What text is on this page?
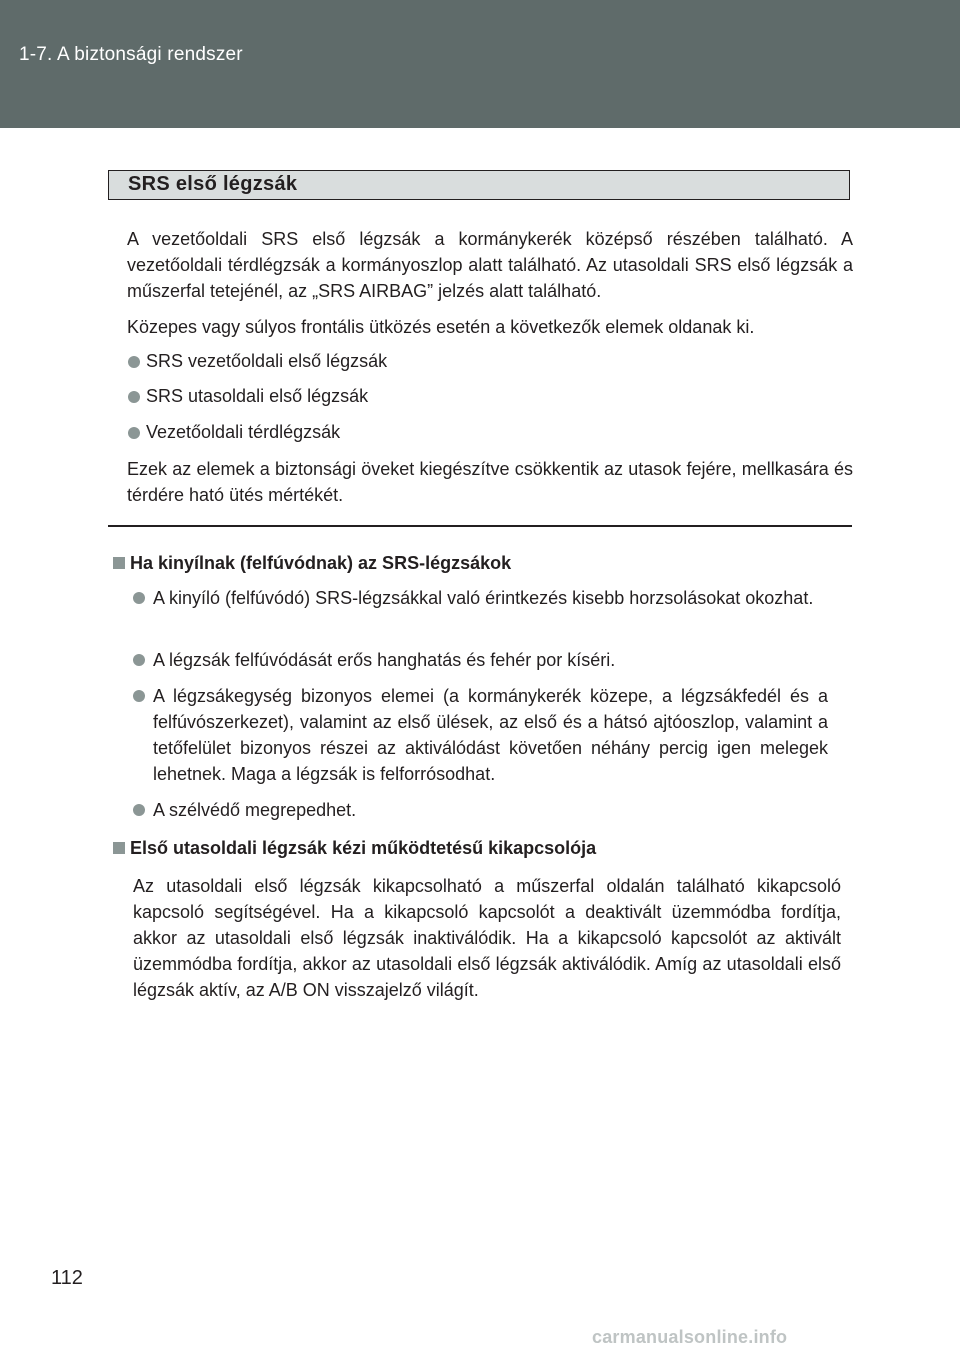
1-7. A biztonsági rendszer
SRS első légzsák

A vezetőoldali SRS első légzsák a kormánykerék középső részében található. A vezetőoldali térdlégzsák a kormányoszlop alatt található. Az utasoldali SRS első légzsák a műszerfal tetejénél, az „SRS AIRBAG” jelzés alatt található.

Közepes vagy súlyos frontális ütközés esetén a következők elemek oldanak ki.

SRS vezetőoldali első légzsák

SRS utasoldali első légzsák

Vezetőoldali térdlégzsák

Ezek az elemek a biztonsági öveket kiegészítve csökkentik az utasok fejére, mellkasára és térdére ható ütés mértékét.

Ha kinyílnak (felfúvódnak) az SRS-légzsákok

A kinyíló (felfúvódó) SRS-légzsákkal való érintkezés kisebb horzsolásokat okozhat.

A légzsák felfúvódását erős hanghatás és fehér por kíséri.

A légzsákegység bizonyos elemei (a kormánykerék közepe, a légzsákfedél és a felfúvószerkezet), valamint az első ülések, az első és a hátsó ajtóoszlop, valamint a tetőfelület bizonyos részei az aktiválódást követően néhány percig igen melegek lehetnek. Maga a légzsák is felforrósodhat.

A szélvédő megrepedhet.

Első utasoldali légzsák kézi működtetésű kikapcsolója

Az utasoldali első légzsák kikapcsolható a műszerfal oldalán található kikapcsoló kapcsoló segítségével. Ha a kikapcsoló kapcsolót a deaktivált üzemmódba fordítja, akkor az utasoldali első légzsák inaktiválódik. Ha a kikapcsoló kapcsolót az aktivált üzemmódba fordítja, akkor az utasoldali első légzsák aktiválódik. Amíg az utasoldali első légzsák aktív, az A/B ON visszajelző világít.

112
carmanualsonline.info
